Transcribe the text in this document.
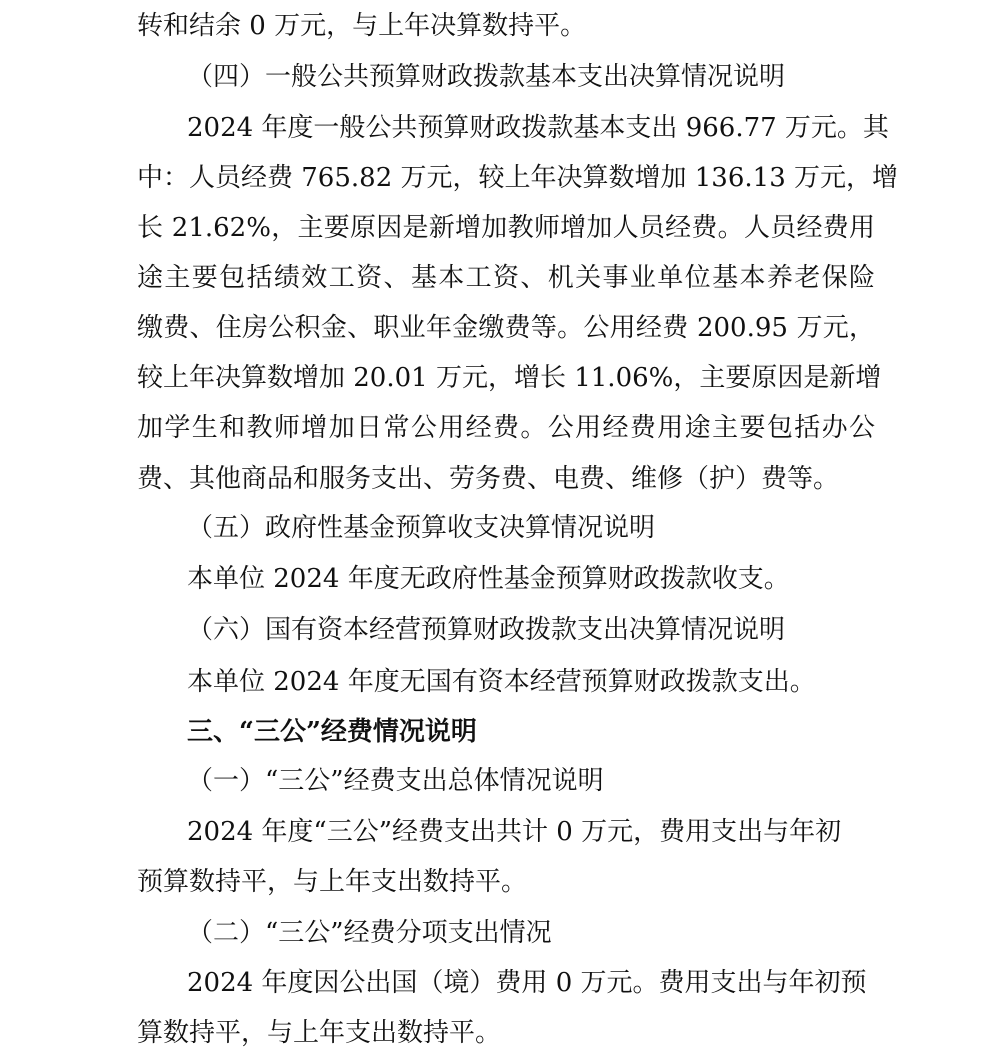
转和结余 0 万元，与上年决算数持平。
（四）一般公共预算财政拨款基本支出决算情况说明
2024 年度一般公共预算财政拨款基本支出 966.77 万元。其
中：人员经费 765.82 万元，较上年决算数增加 136.13 万元，增
长 21.62%，主要原因是新增加教师增加人员经费。人员经费用
途主要包括绩效工资、基本工资、机关事业单位基本养老保险
缴费、住房公积金、职业年金缴费等。公用经费 200.95 万元，
较上年决算数增加 20.01 万元，增长 11.06%，主要原因是新增
加学生和教师增加日常公用经费。公用经费用途主要包括办公
费、其他商品和服务支出、劳务费、电费、维修（护）费等。
（五）政府性基金预算收支决算情况说明
本单位 2024 年度无政府性基金预算财政拨款收支。
（六）国有资本经营预算财政拨款支出决算情况说明
本单位 2024 年度无国有资本经营预算财政拨款支出。
三、“三公”经费情况说明
（一）“三公”经费支出总体情况说明
2024 年度“三公”经费支出共计 0 万元，费用支出与年初
预算数持平，与上年支出数持平。
（二）“三公”经费分项支出情况
2024 年度因公出国（境）费用 0 万元。费用支出与年初预
算数持平，与上年支出数持平。
